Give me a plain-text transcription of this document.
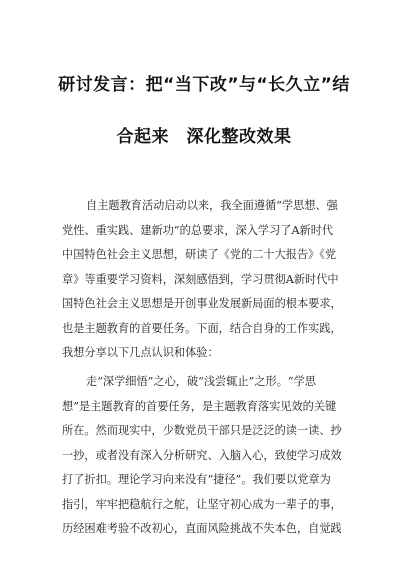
研讨发言：把“当下改”与“长久立”结
合起来　深化整改效果
自主题教育活动启动以来，我全面遵循“学思想、强
党性、重实践、建新功”的总要求，深入学习了A新时代
中国特色社会主义思想，研读了《党的二十大报告》《党
章》等重要学习资料，深刻感悟到，学习贯彻A新时代中
国特色社会主义思想是开创事业发展新局面的根本要求，
也是主题教育的首要任务。下面，结合自身的工作实践，
我想分享以下几点认识和体验：
走“深学细悟”之心，破“浅尝辄止”之形。“学思
想”是主题教育的首要任务，是主题教育落实见效的关键
所在。然而现实中，少数党员干部只是泛泛的读一读、抄
一抄，或者没有深入分析研究、入脑入心，致使学习成效
打了折扣。理论学习向来没有“捷径”。我们要以党章为
指引，牢牢把稳航行之舵，让坚守初心成为一辈子的事，
历经困难考验不改初心，直面风险挑战不失本色，自觉践
